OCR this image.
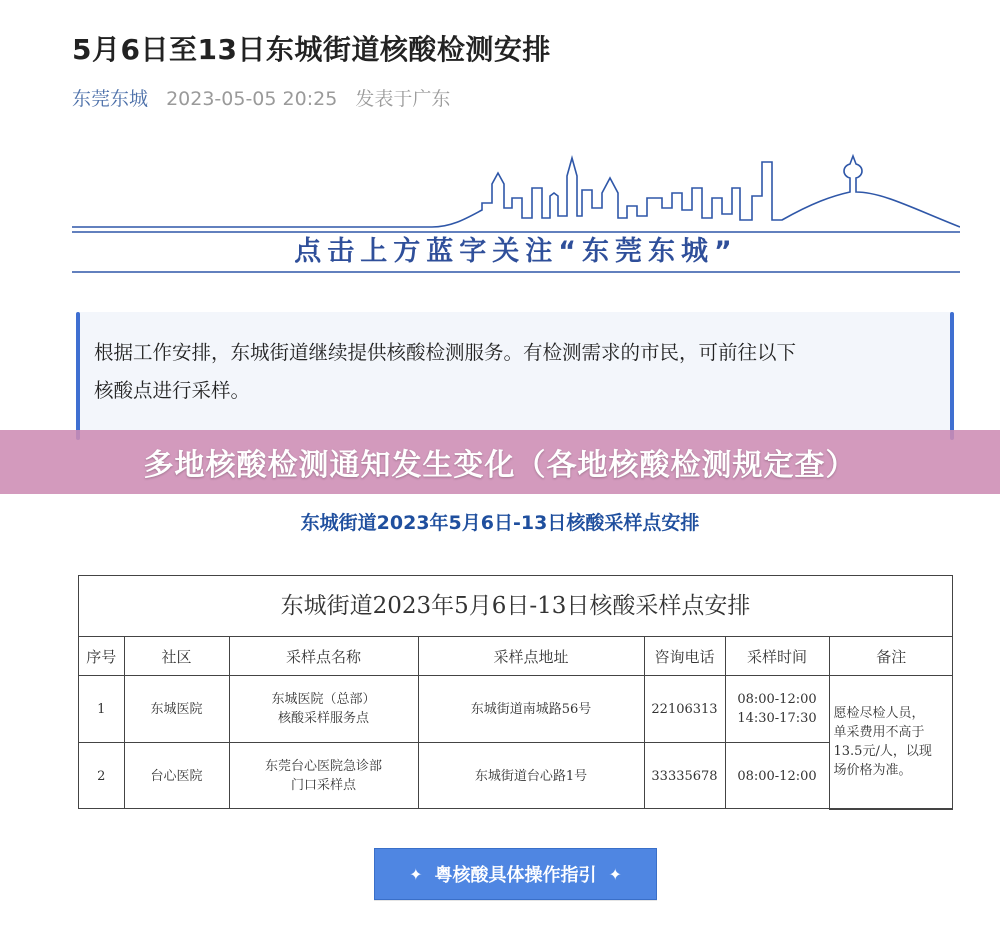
5月6日至13日东城街道核酸检测安排
东莞东城 2023-05-05 20:25 发表于广东
点击上方蓝字关注“东莞东城”
根据工作安排，东城街道继续提供核酸检测服务。有检测需求的市民，可前往以下
核酸点进行采样。
多地核酸检测通知发生变化（各地核酸检测规定查）
东城街道2023年5月6日-13日核酸采样点安排
东城街道2023年5月6日-13日核酸采样点安排
序号	社区	采样点名称	采样点地址	咨询电话	采样时间	备注
1	东城医院	东城医院（总部）
核酸采样服务点	东城街道南城路56号	22106313	08:00-12:00
14:30-17:30	愿检尽检人员，
单采费用不高于
13.5元/人，以现
场价格为准。

2	台心医院	东莞台心医院急诊部
门口采样点	东城街道台心路1号	33335678	08:00-12:00	
✦ 粤核酸具体操作指引 ✦
